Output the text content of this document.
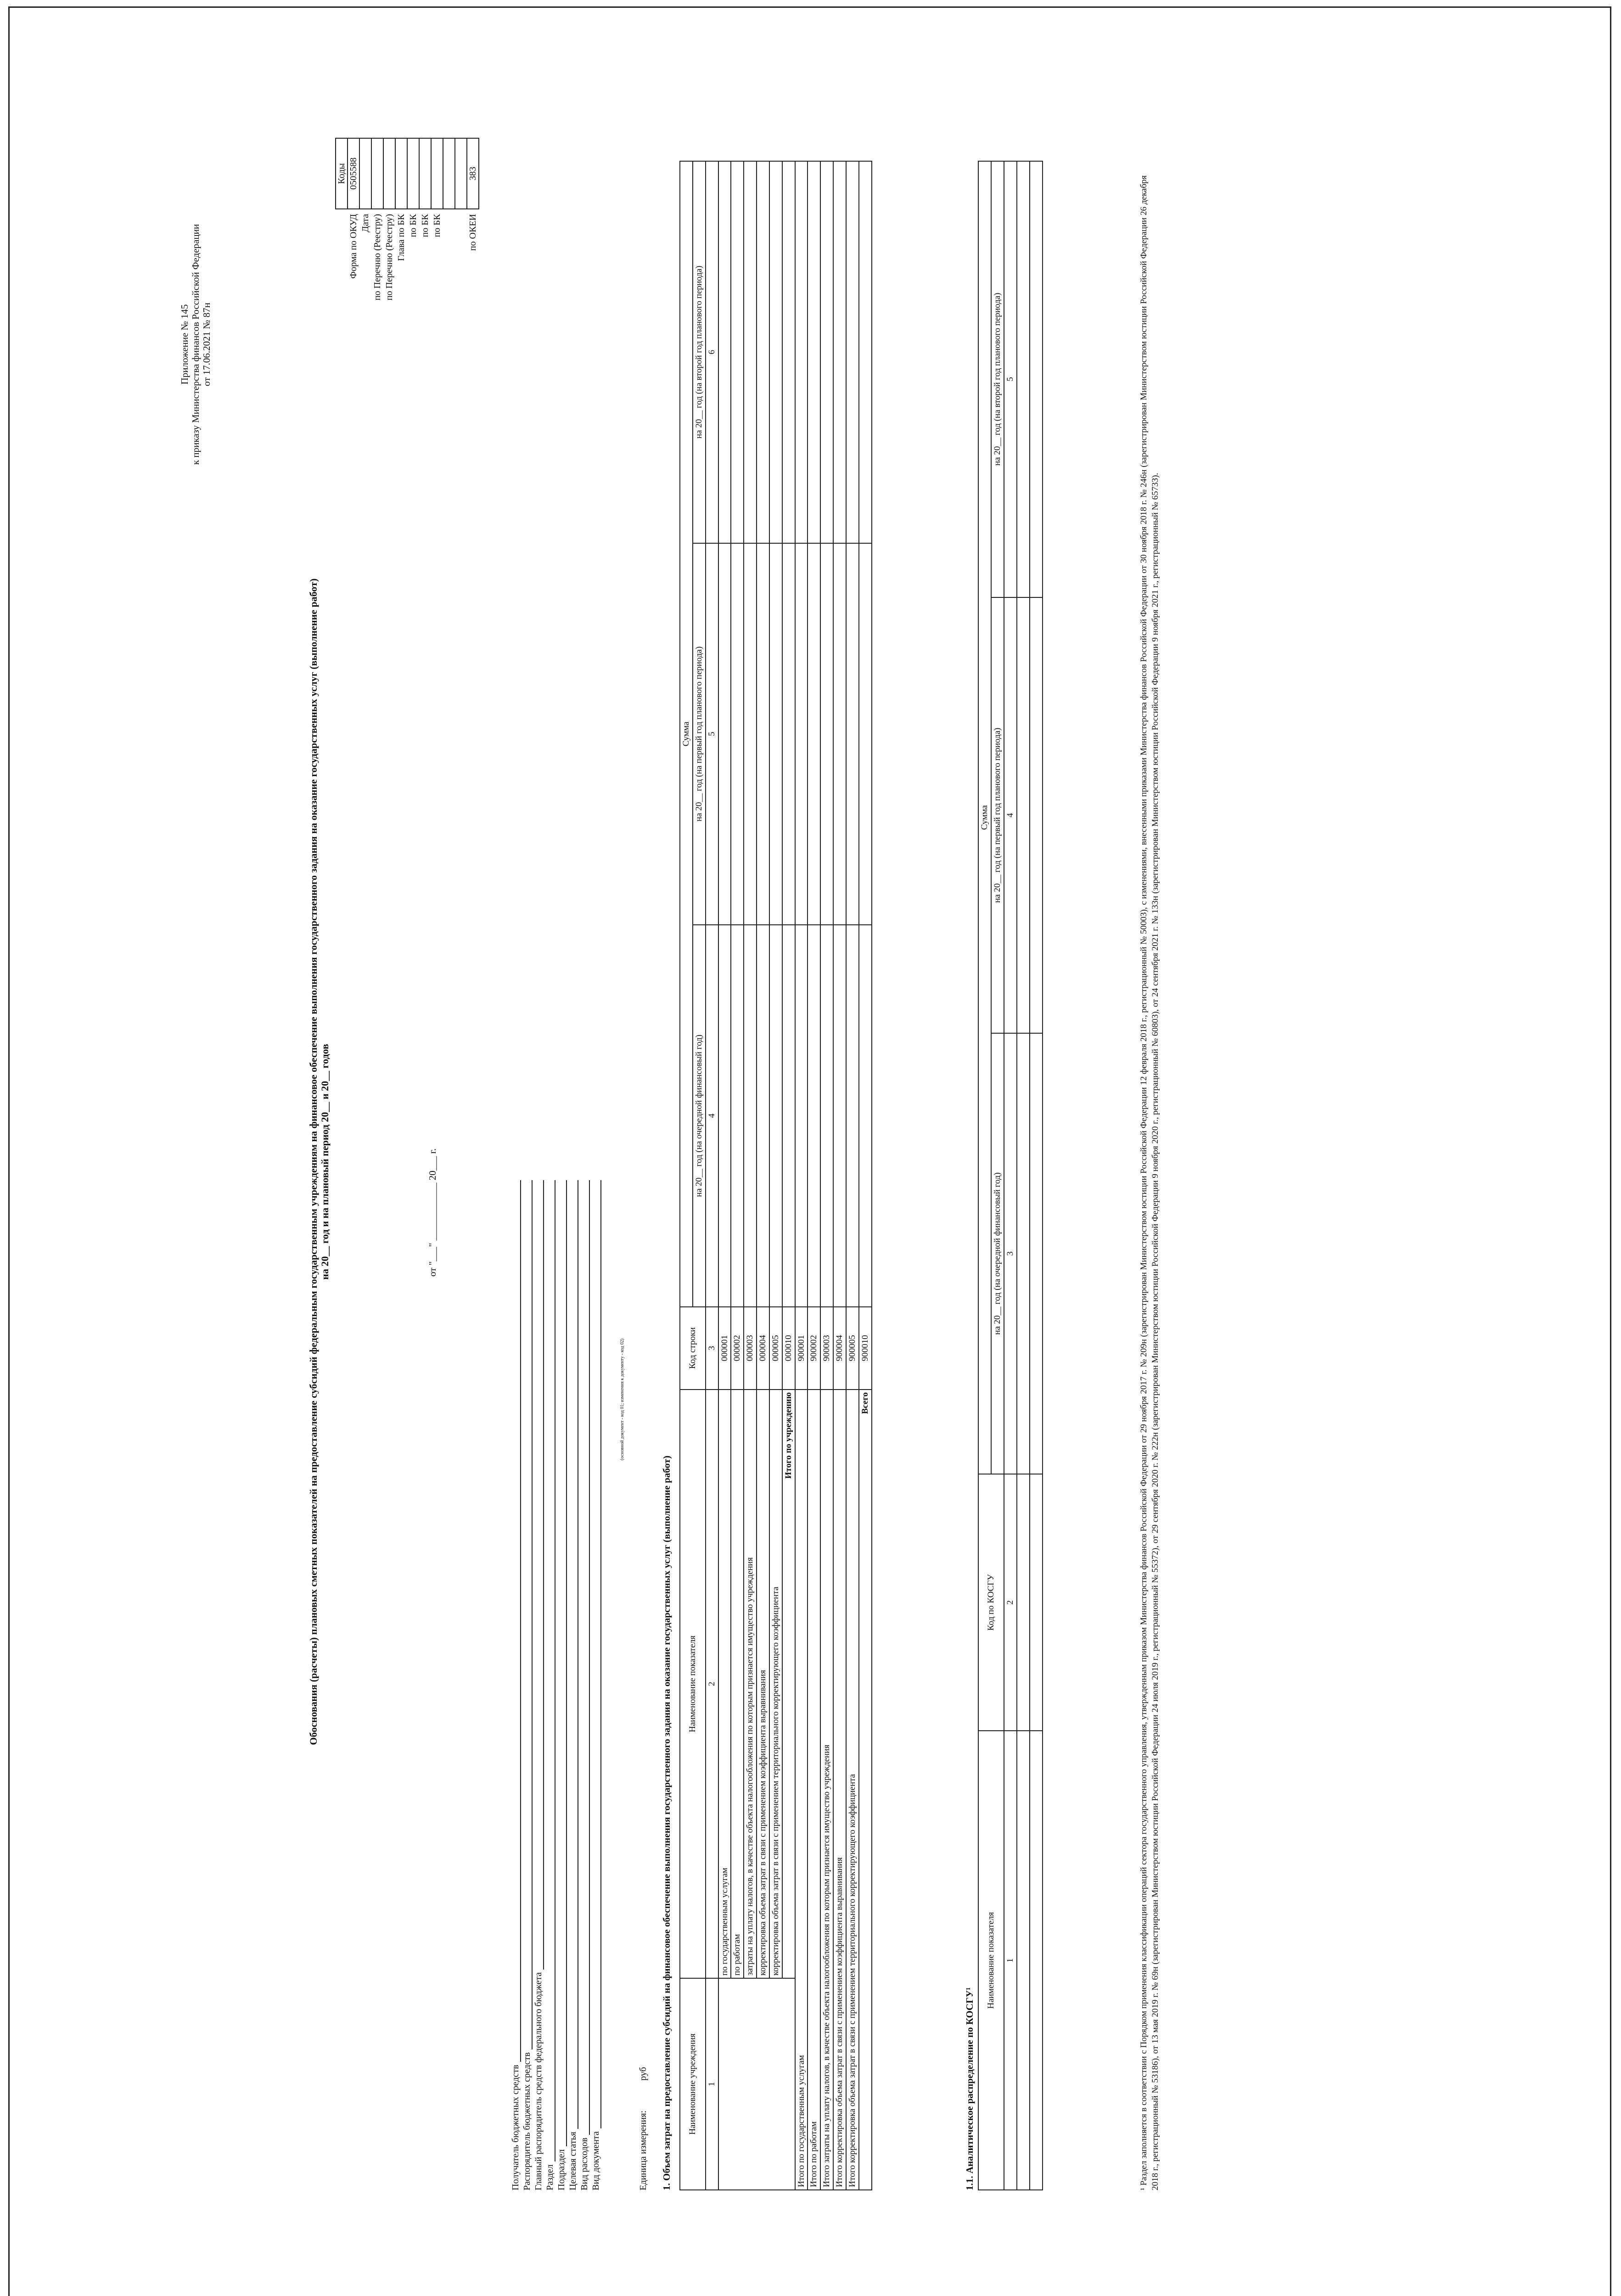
Приложение № 145 к приказу Министерства финансов Российской Федерации от 17.06.2021 № 87н
Обоснования (расчеты) плановых сметных показателей на предоставление субсидий федеральным государственным учреждениям на финансовое обеспечение выполнения государственного задания на оказание государственных услуг (выполнение работ) на 20__ год и на плановый период 20__ и 20__ годов	от "___" ____________ 20___ г.
	Коды
Форма по ОКУД	0505588
Дата	
по Перечню (Реестру)	
по Перечню (Реестру)	
Глава по БК	
по БК	
по БК	
по БК	

по ОКЕИ	383
Получатель бюджетных средств Распорядитель бюджетных средств Главный распорядитель средств федерального бюджета Раздел Подраздел Целевая статья Вид расходов Вид документа
(основной документ - код 01; изменения к документу - код 02)
Единица измерения: руб 1. Объем затрат на предоставление субсидий на финансовое обеспечение выполнения государственного задания на оказание государственных услуг (выполнение работ) Наименование учреждения	Наименование показателя	Код строки	Сумма		
			на 20__ год (на очередной финансовый год)	на 20__ год (на первый год планового периода)	на 20__ год (на второй год планового периода)
1	2	3	4	5	6
	по государственным услугам	000001			
	по работам	000002			
	затраты на уплату налогов, в качестве объекта налогообложения по которым признается имущество учреждения	000003			
	корректировка объема затрат в связи с применением коэффициента выравнивания	000004			
	корректировка объема затрат в связи с применением территориального корректирующего коэффициента	000005			
	Итого по учреждению	000010			
Итого по государственным услугам		900001			
Итого по работам		900002			
Итого затраты на уплату налогов, в качестве объекта налогообложения по которым признается имущество учреждения		900003			
Итого корректировка объема затрат в связи с применением коэффициента выравнивания		900004			
Итого корректировка объема затрат в связи с применением территориального корректирующего коэффициента		900005			
Всего		900010			
1.1. Аналитическое распределение по КОСГУ¹
Наименование показателя	Код по КОСГУ	Сумма		
		на 20__ год (на очередной финансовый год)	на 20__ год (на первый год планового периода)	на 20__ год (на второй год планового периода)
1	2	3	4	5

					¹ Раздел заполняется в соответствии с Порядком применения классификации операций сектора государственного управления, утвержденным приказом Министерства финансов Российской Федерации от 29 ноября 2017 г. № 209н (зарегистрирован Министерством юстиции Российской Федерации 12 февраля 2018 г., регистрационный № 50003), с изменениями, внесенными приказами Министерства финансов Российской Федерации от 30 ноября 2018 г. № 246н (зарегистрирован Министерством юстиции Российской Федерации 26 декабря 2018 г., регистрационный № 53186), от 13 мая 2019 г. № 69н (зарегистрирован Министерством юстиции Российской Федерации 24 июля 2019 г., регистрационный № 55372), от 29 сентября 2020 г. № 222н (зарегистрирован Министерством юстиции Российской Федерации 9 ноября 2020 г., регистрационный № 60803), от 24 сентября 2021 г. № 133н (зарегистрирован Министерством юстиции Российской Федерации 9 ноября 2021 г., регистрационный № 65733).
